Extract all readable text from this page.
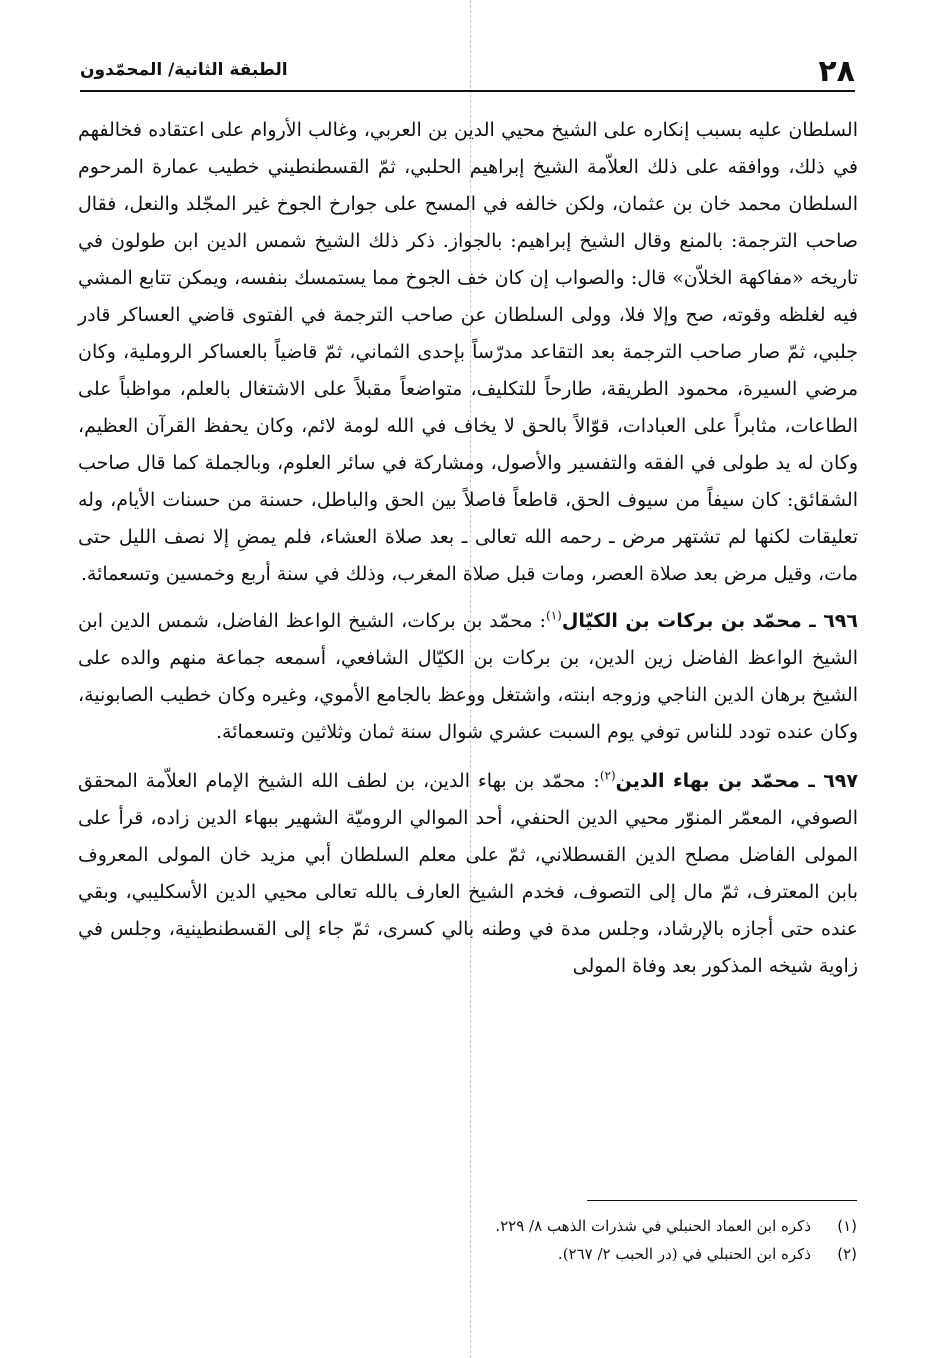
٢٨
الطبقة الثانية/ المحمّدون

السلطان عليه بسبب إنكاره على الشيخ محيي الدين بن العربي، وغالب الأروام على اعتقاده فخالفهم في ذلك، ووافقه على ذلك العلاّمة الشيخ إبراهيم الحلبي، ثمّ القسطنطيني خطيب عمارة المرحوم السلطان محمد خان بن عثمان، ولكن خالفه في المسح على جوارخ الجوخ غير المجّلد والنعل، فقال صاحب الترجمة: بالمنع وقال الشيخ إبراهيم: بالجواز. ذكر ذلك الشيخ شمس الدين ابن طولون في تاريخه «مفاكهة الخلاّن» قال: والصواب إن كان خف الجوخ مما يستمسك بنفسه، ويمكن تتابع المشي فيه لغلظه وقوته، صح وإلا فلا، وولى السلطان عن صاحب الترجمة في الفتوى قاضي العساكر قادر جلبي، ثمّ صار صاحب الترجمة بعد التقاعد مدرّساً بإحدى الثماني، ثمّ قاضياً بالعساكر الروملية، وكان مرضي السيرة، محمود الطريقة، طارحاً للتكليف، متواضعاً مقبلاً على الاشتغال بالعلم، مواظباً على الطاعات، مثابراً على العبادات، قوّالاً بالحق لا يخاف في الله لومة لائم، وكان يحفظ القرآن العظيم، وكان له يد طولى في الفقه والتفسير والأصول، ومشاركة في سائر العلوم، وبالجملة كما قال صاحب الشقائق: كان سيفاً من سيوف الحق، قاطعاً فاصلاً بين الحق والباطل، حسنة من حسنات الأيام، وله تعليقات لكنها لم تشتهر مرض ـ رحمه الله تعالى ـ بعد صلاة العشاء، فلم يمضِ إلا نصف الليل حتى مات، وقيل مرض بعد صلاة العصر، ومات قبل صلاة المغرب، وذلك في سنة أربع وخمسين وتسعمائة.

٦٩٦ ـ محمّد بن بركات بن الكيّال$^{(١)}$: محمّد بن بركات، الشيخ الواعظ الفاضل، شمس الدين ابن الشيخ الواعظ الفاضل زين الدين، بن بركات بن الكيّال الشافعي، أسمعه جماعة منهم والده على الشيخ برهان الدين الناجي وزوجه ابنته، واشتغل ووعظ بالجامع الأموي، وغيره وكان خطيب الصابونية، وكان عنده تودد للناس توفي يوم السبت عشري شوال سنة ثمان وثلاثين وتسعمائة.

٦٩٧ ـ محمّد بن بهاء الدين$^{(٢)}$: محمّد بن بهاء الدين، بن لطف الله الشيخ الإمام العلاّمة المحقق الصوفي، المعمّر المنوّر محيي الدين الحنفي، أحد الموالي الروميّة الشهير ببهاء الدين زاده، قرأ على المولى الفاضل مصلح الدين القسطلاني، ثمّ على معلم السلطان أبي مزيد خان المولى المعروف بابن المعترف، ثمّ مال إلى التصوف، فخدم الشيخ العارف بالله تعالى محيي الدين الأسكليبي، وبقي عنده حتى أجازه بالإرشاد، وجلس مدة في وطنه بالي كسرى، ثمّ جاء إلى القسطنطينية، وجلس في زاوية شيخه المذكور بعد وفاة المولى

(١)
ذكره ابن العماد الحنبلي في شذرات الذهب ٨/ ٢٢٩.
(٢)
ذكره ابن الحنبلي في (در الحبب ٢/ ٢٦٧).
